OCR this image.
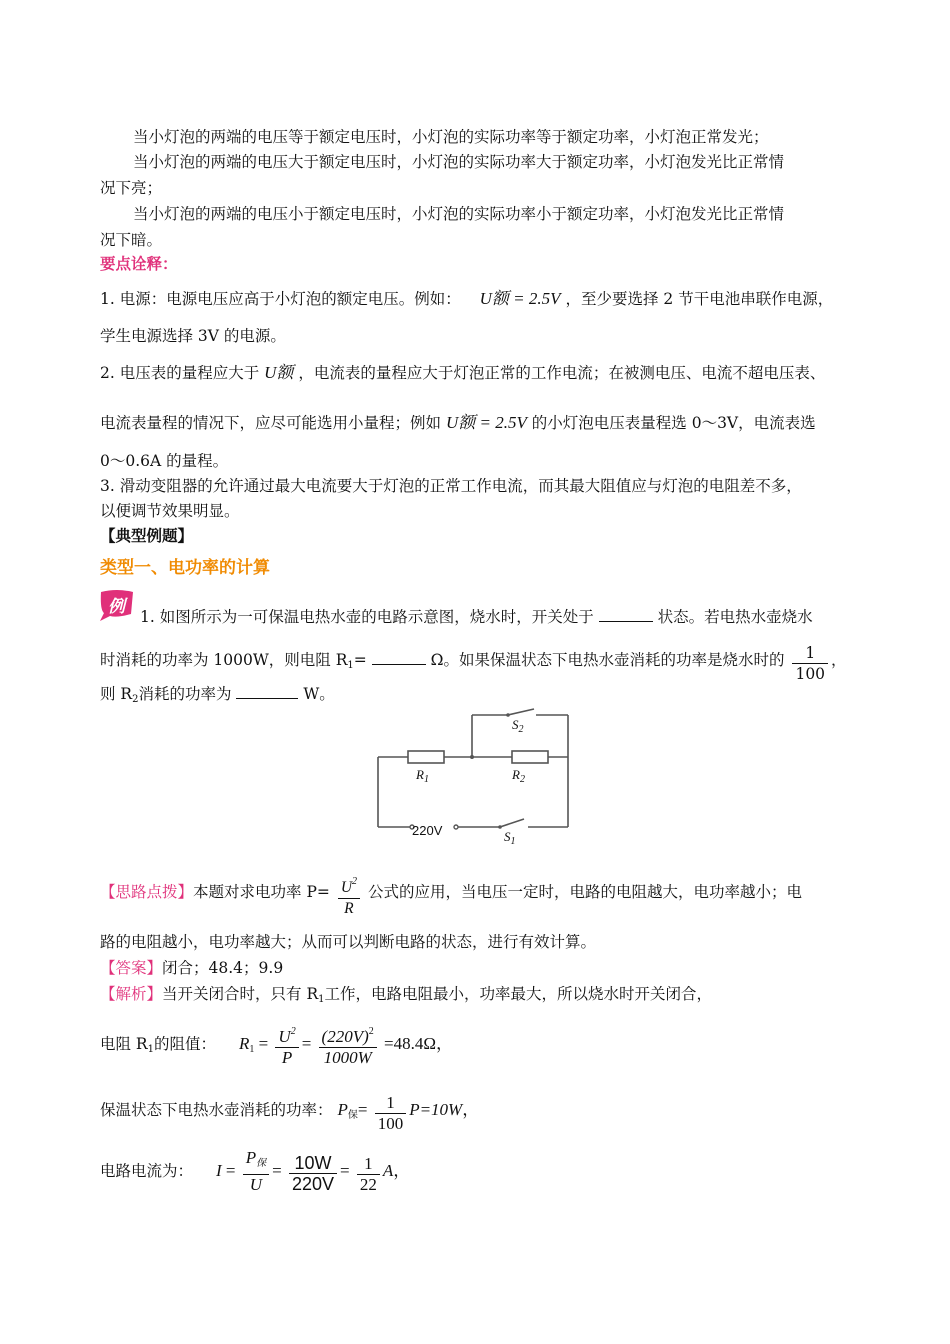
当小灯泡的两端的电压等于额定电压时，小灯泡的实际功率等于额定功率，小灯泡正常发光；
当小灯泡的两端的电压大于额定电压时，小灯泡的实际功率大于额定功率，小灯泡发光比正常情
况下亮；
当小灯泡的两端的电压小于额定电压时，小灯泡的实际功率小于额定功率，小灯泡发光比正常情
况下暗。
要点诠释：
1. 电源：电源电压应高于小灯泡的额定电压。例如： U额 = 2.5V ，至少要选择 2 节干电池串联作电源，
学生电源选择 3V 的电源。
2. 电压表的量程应大于 U额 ，电流表的量程应大于灯泡正常的工作电流；在被测电压、电流不超电压表、
电流表量程的情况下，应尽可能选用小量程；例如 U额 = 2.5V 的小灯泡电压表量程选 0～3V，电流表选
0～0.6A 的量程。
3. 滑动变阻器的允许通过最大电流要大于灯泡的正常工作电流，而其最大阻值应与灯泡的电阻差不多，
以便调节效果明显。
【典型例题】
类型一、电功率的计算
例 1. 如图所示为一可保温电热水壶的电路示意图，烧水时，开关处于	状态。若电热水壶烧水
时消耗的功率为 1000W，则电阻 $R_1=$	Ω。如果保温状态下电热水壶消耗的功率是烧水时的 $\frac{1}{100}$ ，
则 $R_2$消耗的功率为	W。
$R_1$	$R_2$
$S_2$
$S_1$
220V
【思路点拨】本题对求电功率 $P= \frac{U^2}{R}$ 公式的应用，当电压一定时，电路的电阻越大，电功率越小；电
路的电阻越小，电功率越大；从而可以判断电路的状态，进行有效计算。
【答案】闭合；48.4；9.9
【解析】当开关闭合时，只有 $R_1$工作，电路电阻最小，功率最大，所以烧水时开关闭合，
电阻 $R_1$的阻值： $R_1 = \frac{U^2}{P} = \frac{(220V)^2}{1000W} =48.4\Omega$，
保温状态下电热水壶消耗的功率： $P_保= \frac{1}{100} P=10W$，
电路电流为： $I = \frac{P_保}{U} = \frac{10W}{220V} = \frac{1}{22}$ A，
